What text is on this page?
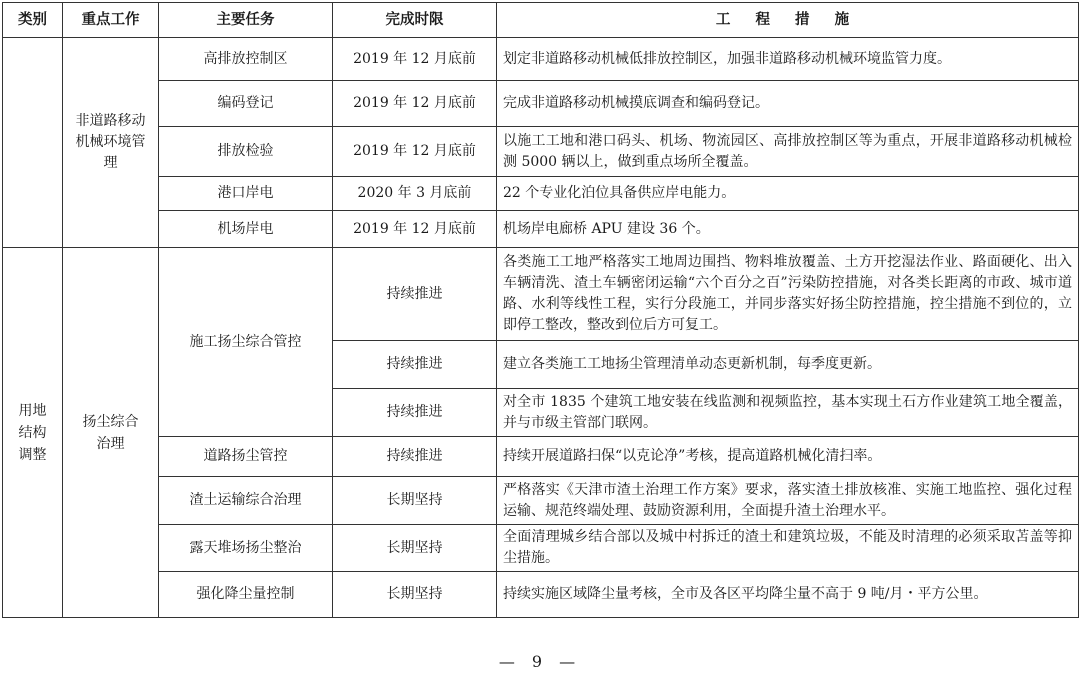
类别	重点工作	主要任务	完成时限	工 程 措 施
	非道路移动机械环境管理	高排放控制区	2019 年 12 月底前	划定非道路移动机械低排放控制区，加强非道路移动机械环境监管力度。
		编码登记	2019 年 12 月底前	完成非道路移动机械摸底调查和编码登记。
		排放检验	2019 年 12 月底前	以施工工地和港口码头、机场、物流园区、高排放控制区等为重点，开展非道路移动机械检测 5000 辆以上，做到重点场所全覆盖。
		港口岸电	2020 年 3 月底前	22 个专业化泊位具备供应岸电能力。
		机场岸电	2019 年 12 月底前	机场岸电廊桥 APU 建设 36 个。
用地结构调整	扬尘综合治理	施工扬尘综合管控	持续推进	各类施工工地严格落实工地周边围挡、物料堆放覆盖、土方开挖湿法作业、路面硬化、出入车辆清洗、渣土车辆密闭运输“六个百分之百”污染防控措施，对各类长距离的市政、城市道路、水利等线性工程，实行分段施工，并同步落实好扬尘防控措施，控尘措施不到位的，立即停工整改，整改到位后方可复工。
			持续推进	建立各类施工工地扬尘管理清单动态更新机制，每季度更新。
			持续推进	对全市 1835 个建筑工地安装在线监测和视频监控，基本实现土石方作业建筑工地全覆盖，并与市级主管部门联网。
		道路扬尘管控	持续推进	持续开展道路扫保“以克论净”考核，提高道路机械化清扫率。
		渣土运输综合治理	长期坚持	严格落实《天津市渣土治理工作方案》要求，落实渣土排放核准、实施工地监控、强化过程运输、规范终端处理、鼓励资源利用，全面提升渣土治理水平。
		露天堆场扬尘整治	长期坚持	全面清理城乡结合部以及城中村拆迁的渣土和建筑垃圾，不能及时清理的必须采取苫盖等抑尘措施。
		强化降尘量控制	长期坚持	持续实施区域降尘量考核，全市及各区平均降尘量不高于 9 吨/月・平方公里。
— 9 —
